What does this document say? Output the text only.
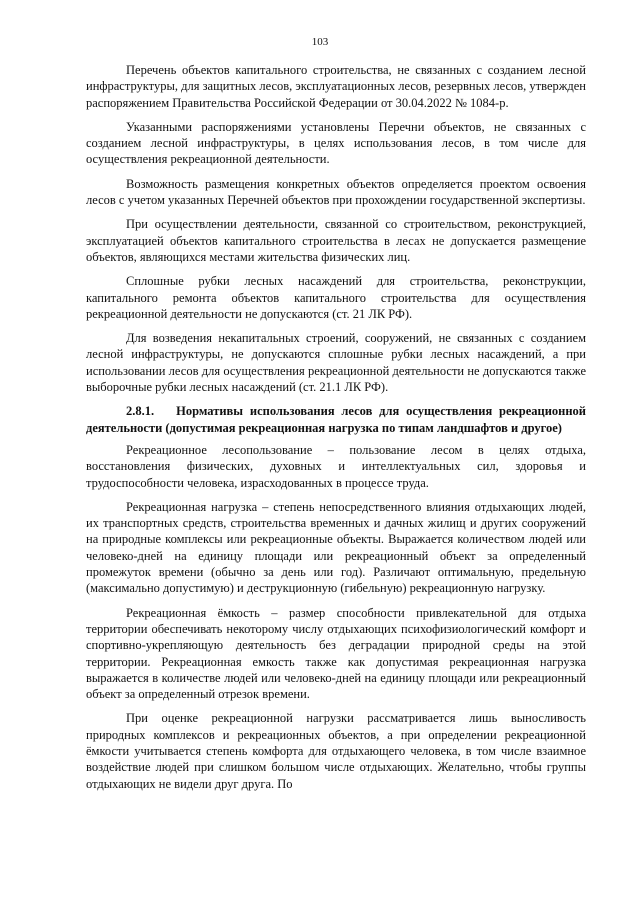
103

Перечень объектов капитального строительства, не связанных с созданием лесной инфраструктуры, для защитных лесов, эксплуатационных лесов, резервных лесов, утвержден распоряжением Правительства Российской Федерации от 30.04.2022 № 1084-р.

Указанными распоряжениями установлены Перечни объектов, не связанных с созданием лесной инфраструктуры, в целях использования лесов, в том числе для осуществления рекреационной деятельности.

Возможность размещения конкретных объектов определяется проектом освоения лесов с учетом указанных Перечней объектов при прохождении государственной экспертизы.

При осуществлении деятельности, связанной со строительством, реконструкцией, эксплуатацией объектов капитального строительства в лесах не допускается размещение объектов, являющихся местами жительства физических лиц.

Сплошные рубки лесных насаждений для строительства, реконструкции, капитального ремонта объектов капитального строительства для осуществления рекреационной деятельности не допускаются (ст. 21 ЛК РФ).

Для возведения некапитальных строений, сооружений, не связанных с созданием лесной инфраструктуры, не допускаются сплошные рубки лесных насаждений, а при использовании лесов для осуществления рекреационной деятельности не допускаются также выборочные рубки лесных насаждений (ст. 21.1 ЛК РФ).

2.8.1. Нормативы использования лесов для осуществления рекреационной деятельности (допустимая рекреационная нагрузка по типам ландшафтов и другое)

Рекреационное лесопользование – пользование лесом в целях отдыха, восстановления физических, духовных и интеллектуальных сил, здоровья и трудоспособности человека, израсходованных в процессе труда.

Рекреационная нагрузка – степень непосредственного влияния отдыхающих людей, их транспортных средств, строительства временных и дачных жилищ и других сооружений на природные комплексы или рекреационные объекты. Выражается количеством людей или человеко-дней на единицу площади или рекреационный объект за определенный промежуток времени (обычно за день или год). Различают оптимальную, предельную (максимально допустимую) и деструкционную (гибельную) рекреационную нагрузку.

Рекреационная ёмкость – размер способности привлекательной для отдыха территории обеспечивать некоторому числу отдыхающих психофизиологический комфорт и спортивно-укрепляющую деятельность без деградации природной среды на этой территории. Рекреационная емкость также как допустимая рекреационная нагрузка выражается в количестве людей или человеко-дней на единицу площади или рекреационный объект за определенный отрезок времени.

При оценке рекреационной нагрузки рассматривается лишь выносливость природных комплексов и рекреационных объектов, а при определении рекреационной ёмкости учитывается степень комфорта для отдыхающего человека, в том числе взаимное воздействие людей при слишком большом числе отдыхающих. Желательно, чтобы группы отдыхающих не видели друг друга. По
